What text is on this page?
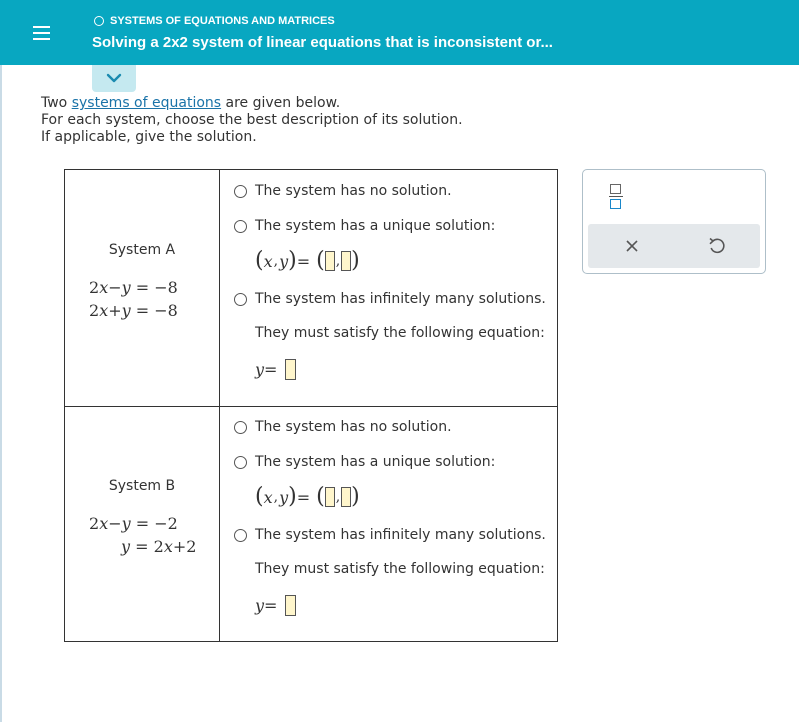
SYSTEMS OF EQUATIONS AND MATRICES
Solving a 2x2 system of linear equations that is inconsistent or...
Two systems of equations are given below.
For each system, choose the best description of its solution.
If applicable, give the solution.
System A
2x−y = −8
2x+y = −8
The system has no solution.
The system has a unique solution:
( x , y ) = ( , )
The system has infinitely many solutions.
They must satisfy the following equation:
y =
System B
2x−y = −2
y = 2x+2
The system has no solution.
The system has a unique solution:
( x , y ) = ( , )
The system has infinitely many solutions.
They must satisfy the following equation:
y =
